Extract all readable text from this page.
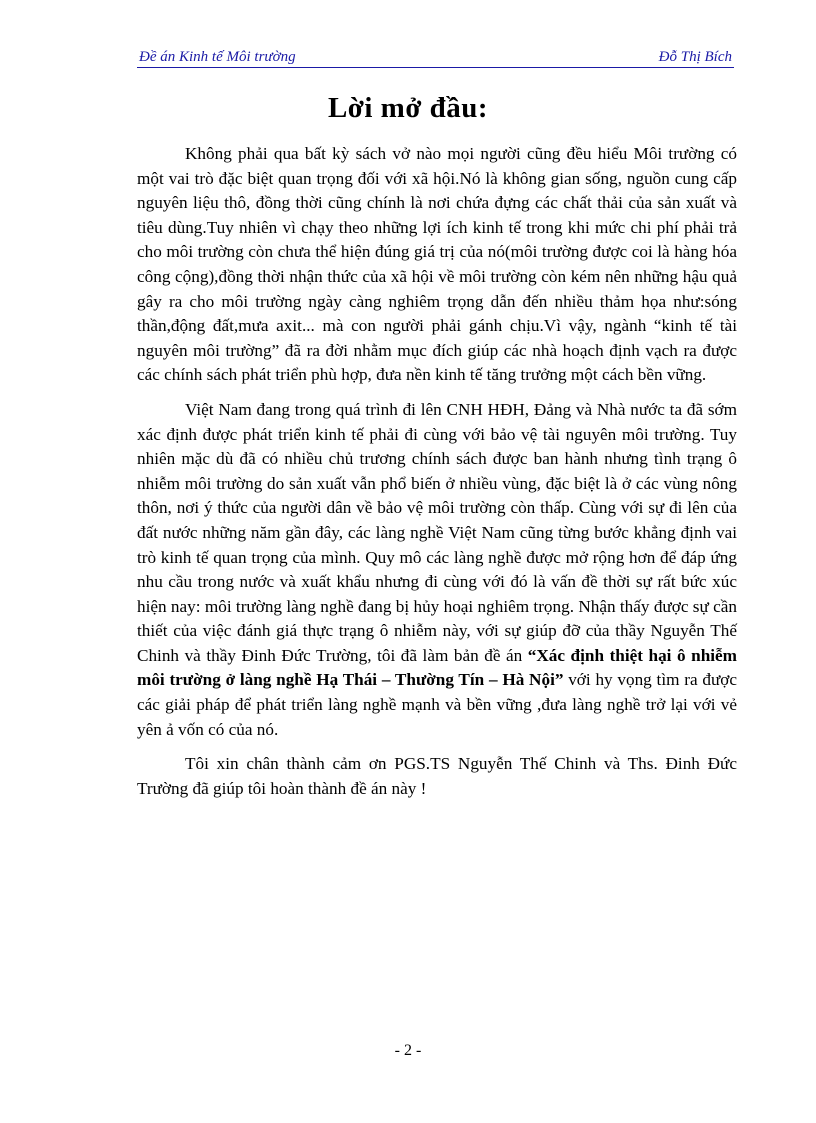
Đề án Kinh tế Môi trường	Đỗ Thị Bích
Lời mở đầu:

Không phải qua bất kỳ sách vở nào mọi người cũng đều hiểu Môi trường có một vai trò đặc biệt quan trọng đối với xã hội.Nó là không gian sống, nguồn cung cấp nguyên liệu thô, đồng thời cũng chính là nơi chứa đựng các chất thải của sản xuất và tiêu dùng.Tuy nhiên vì chạy theo những lợi ích kinh tế trong khi mức chi phí phải trả cho môi trường còn chưa thể hiện đúng giá trị của nó(môi trường được coi là hàng hóa công cộng),đồng thời nhận thức của xã hội về môi trường còn kém nên những hậu quả gây ra cho môi trường ngày càng nghiêm trọng dẫn đến nhiều thảm họa như:sóng thần,động đất,mưa axit... mà con người phải gánh chịu.Vì vậy, ngành “kinh tế tài nguyên môi trường” đã ra đời nhằm mục đích giúp các nhà hoạch định vạch ra được các chính sách phát triển phù hợp, đưa nền kinh tế tăng trưởng một cách bền vững.

Việt Nam đang trong quá trình đi lên CNH HĐH, Đảng và Nhà nước ta đã sớm xác định được phát triển kinh tế phải đi cùng với bảo vệ tài nguyên môi trường. Tuy nhiên mặc dù đã có nhiều chủ trương chính sách được ban hành nhưng tình trạng ô nhiễm môi trường do sản xuất vẫn phổ biến ở nhiều vùng, đặc biệt là ở các vùng nông thôn, nơi ý thức của người dân về bảo vệ môi trường còn thấp. Cùng với sự đi lên của đất nước những năm gần đây, các làng nghề Việt Nam cũng từng bước khẳng định vai trò kinh tế quan trọng của mình. Quy mô các làng nghề được mở rộng hơn để đáp ứng nhu cầu trong nước và xuất khẩu nhưng đi cùng với đó là vấn đề thời sự rất bức xúc hiện nay: môi trường làng nghề đang bị hủy hoại nghiêm trọng. Nhận thấy được sự cần thiết của việc đánh giá thực trạng ô nhiễm này, với sự giúp đỡ của thầy Nguyễn Thế Chinh và thầy Đinh Đức Trường, tôi đã làm bản đề án “Xác định thiệt hại ô nhiễm môi trường ở làng nghề Hạ Thái – Thường Tín – Hà Nội” với hy vọng tìm ra được các giải pháp để phát triển làng nghề mạnh và bền vững ,đưa làng nghề trở lại với vẻ yên ả vốn có của nó.

Tôi xin chân thành cảm ơn PGS.TS Nguyễn Thế Chinh và Ths. Đinh Đức Trường đã giúp tôi hoàn thành đề án này !

- 2 -
